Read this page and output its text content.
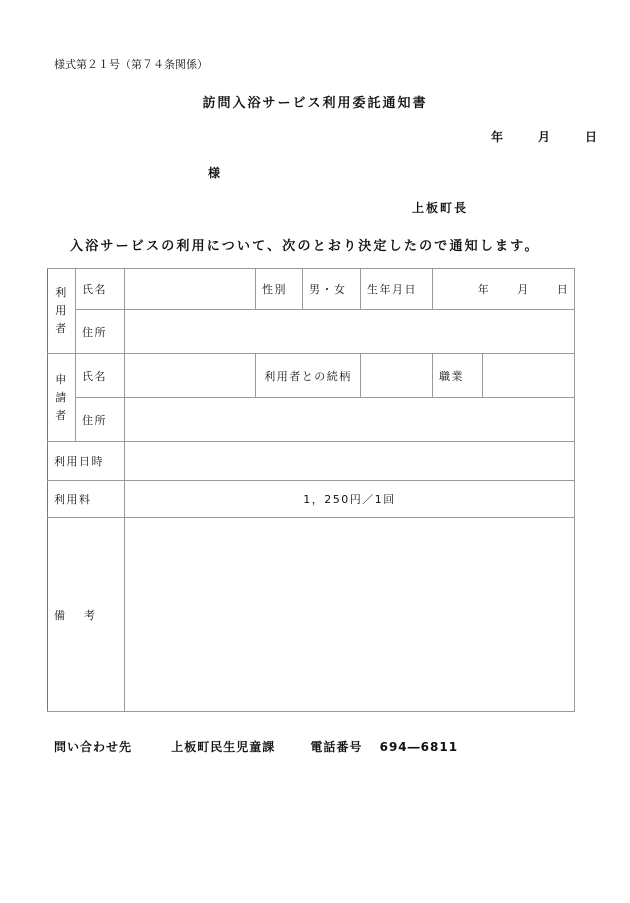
様式第２１号（第７４条関係）
訪問入浴サービス利用委託通知書
年	月	日
様
上板町長
入浴サービスの利用について、次のとおり決定したので通知します。
利
用
者	氏名		性別	男・女	生年月日	年 月 日	
	住所						
申
請
者	氏名		利用者との続柄			職業	
	住所						
利用日時							
利用料		1，250円／1回					
備　考							
問い合わせ先	上板町民生児童課	電話番号 694―6811
